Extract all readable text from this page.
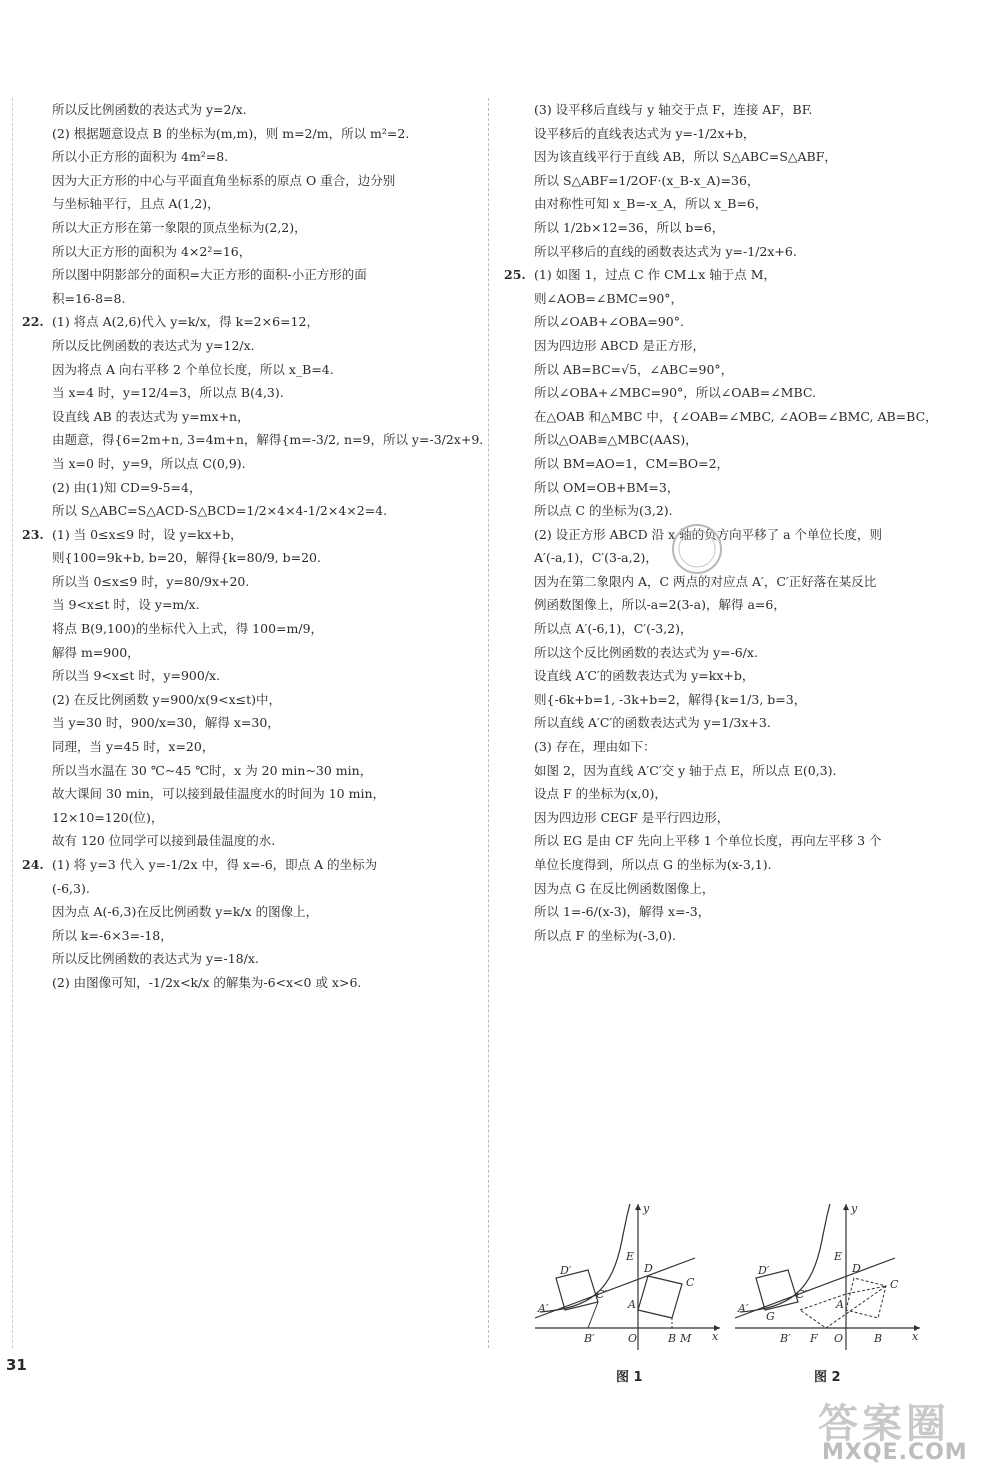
所以反比例函数的表达式为 y=2/x.
(2) 根据题意设点 B 的坐标为(m,m)，则 m=2/m，所以 m²=2.
所以小正方形的面积为 4m²=8.
因为大正方形的中心与平面直角坐标系的原点 O 重合，边分别
与坐标轴平行，且点 A(1,2)，
所以大正方形在第一象限的顶点坐标为(2,2)，
所以大正方形的面积为 4×2²=16，
所以图中阴影部分的面积=大正方形的面积-小正方形的面
积=16-8=8.
22. (1) 将点 A(2,6)代入 y=k/x，得 k=2×6=12，
所以反比例函数的表达式为 y=12/x.
因为将点 A 向右平移 2 个单位长度，所以 x_B=4.
当 x=4 时，y=12/4=3，所以点 B(4,3).
设直线 AB 的表达式为 y=mx+n，
由题意，得{6=2m+n, 3=4m+n，解得{m=-3/2, n=9，所以 y=-3/2x+9.
当 x=0 时，y=9，所以点 C(0,9).
(2) 由(1)知 CD=9-5=4，
所以 S△ABC=S△ACD-S△BCD=1/2×4×4-1/2×4×2=4.
23. (1) 当 0≤x≤9 时，设 y=kx+b，
则{100=9k+b, b=20，解得{k=80/9, b=20.
所以当 0≤x≤9 时，y=80/9x+20.
当 9<x≤t 时，设 y=m/x.
将点 B(9,100)的坐标代入上式，得 100=m/9，
解得 m=900，
所以当 9<x≤t 时，y=900/x.
(2) 在反比例函数 y=900/x(9<x≤t)中，
当 y=30 时，900/x=30，解得 x=30，
同理，当 y=45 时，x=20，
所以当水温在 30 ℃~45 ℃时，x 为 20 min~30 min，
故大课间 30 min，可以接到最佳温度水的时间为 10 min，
12×10=120(位)，
故有 120 位同学可以接到最佳温度的水.
24. (1) 将 y=3 代入 y=-1/2x 中，得 x=-6，即点 A 的坐标为
(-6,3).
因为点 A(-6,3)在反比例函数 y=k/x 的图像上，
所以 k=-6×3=-18，
所以反比例函数的表达式为 y=-18/x.
(2) 由图像可知，-1/2x<k/x 的解集为-6<x<0 或 x>6.
(3) 设平移后直线与 y 轴交于点 F，连接 AF，BF.
设平移后的直线表达式为 y=-1/2x+b，
因为该直线平行于直线 AB，所以 S△ABC=S△ABF，
所以 S△ABF=1/2OF·(x_B-x_A)=36，
由对称性可知 x_B=-x_A，所以 x_B=6，
所以 1/2b×12=36，所以 b=6，
所以平移后的直线的函数表达式为 y=-1/2x+6.
25. (1) 如图 1，过点 C 作 CM⊥x 轴于点 M，
则∠AOB=∠BMC=90°，
所以∠OAB+∠OBA=90°.
因为四边形 ABCD 是正方形，
所以 AB=BC=√5，∠ABC=90°，
所以∠OBA+∠MBC=90°，所以∠OAB=∠MBC.
在△OAB 和△MBC 中，{∠OAB=∠MBC, ∠AOB=∠BMC, AB=BC，
所以△OAB≌△MBC(AAS)，
所以 BM=AO=1，CM=BO=2，
所以 OM=OB+BM=3，
所以点 C 的坐标为(3,2).
(2) 设正方形 ABCD 沿 x 轴的负方向平移了 a 个单位长度，则
A′(-a,1)，C′(3-a,2)，
因为在第二象限内 A，C 两点的对应点 A′，C′正好落在某反比
例函数图像上，所以-a=2(3-a)，解得 a=6，
所以点 A′(-6,1)，C′(-3,2)，
所以这个反比例函数的表达式为 y=-6/x.
设直线 A′C′的函数表达式为 y=kx+b，
则{-6k+b=1, -3k+b=2，解得{k=1/3, b=3，
所以直线 A′C′的函数表达式为 y=1/3x+3.
(3) 存在，理由如下：
如图 2，因为直线 A′C′交 y 轴于点 E，所以点 E(0,3).
设点 F 的坐标为(x,0)，
因为四边形 CEGF 是平行四边形，
所以 EG 是由 CF 先向上平移 1 个单位长度，再向左平移 3 个
单位长度得到，所以点 G 的坐标为(x-3,1).
因为点 G 在反比例函数图像上，
所以 1=-6/(x-3)，解得 x=-3，
所以点 F 的坐标为(-3,0).
D′
E
A′
C′
A
D
C
B′	O	B M x
y
D′
E
A′
C′
G
A
D
C
B′ F O	B	x
y
图 1	图 2
31
答案圈
MXQE.COM
